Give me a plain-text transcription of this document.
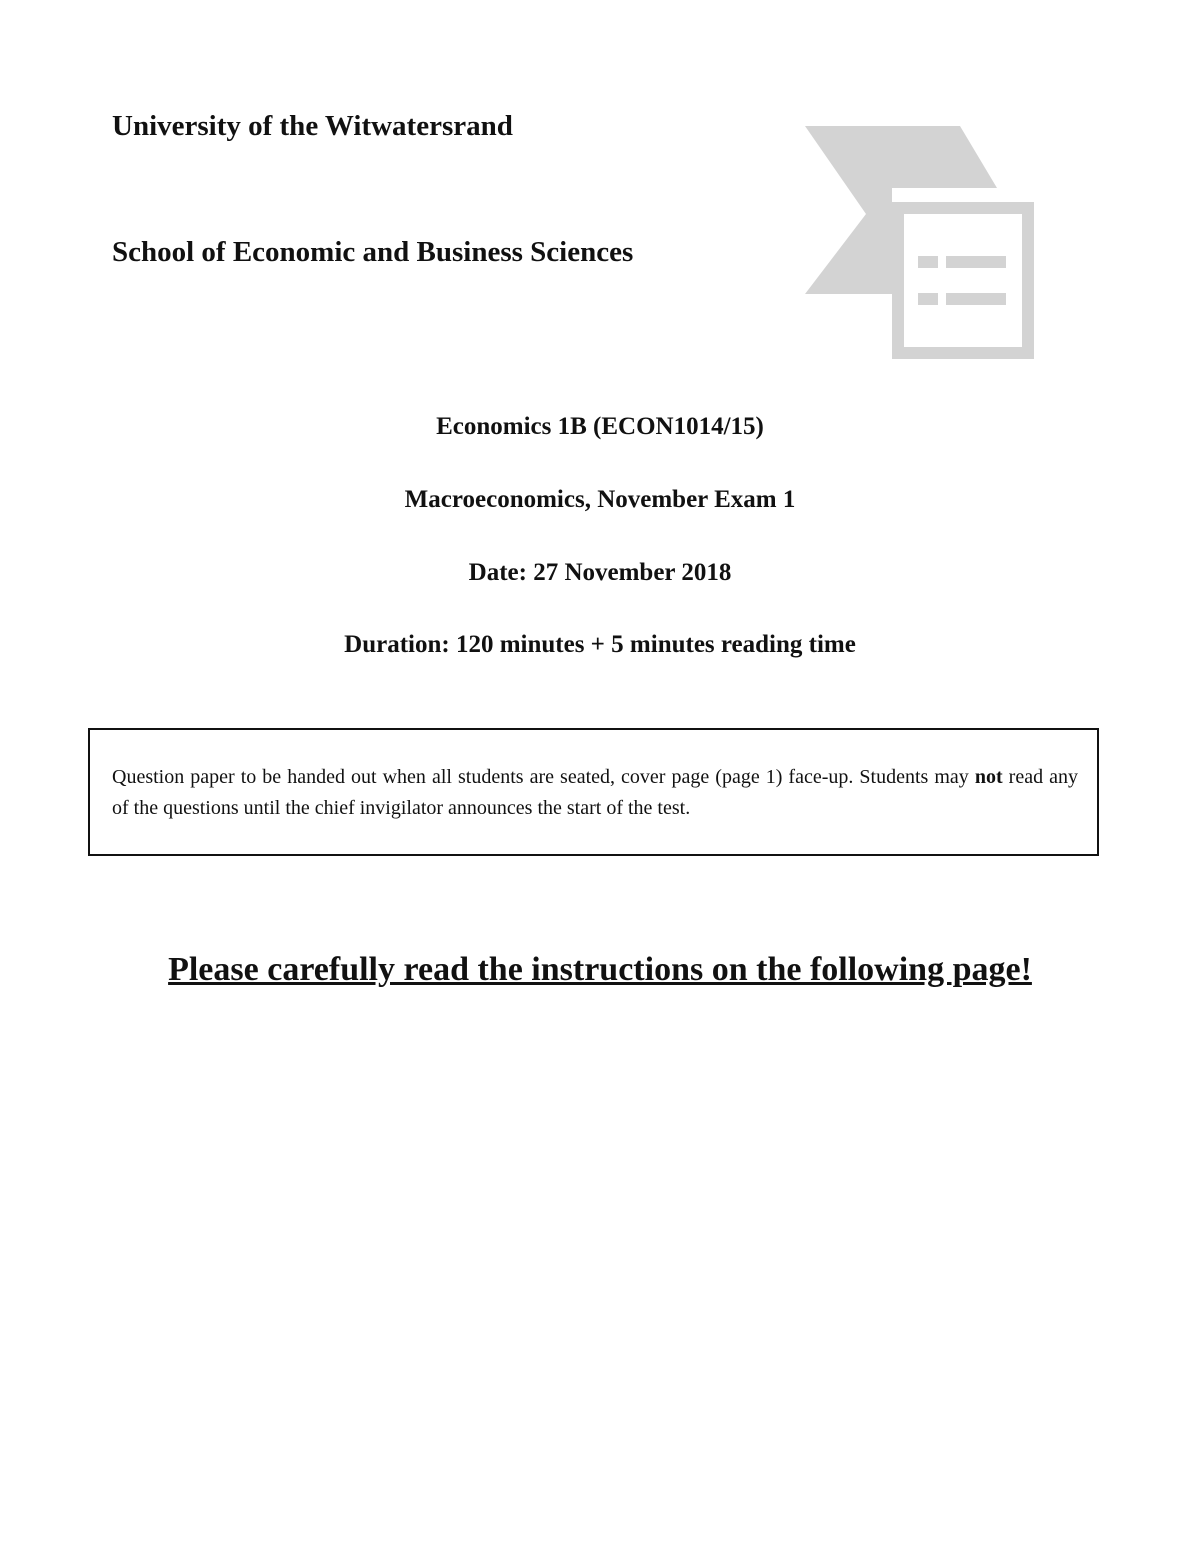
University of the Witwatersrand
School of Economic and Business Sciences
Economics 1B (ECON1014/15)
Macroeconomics, November Exam 1
Date: 27 November 2018
Duration: 120 minutes + 5 minutes reading time

Question paper to be handed out when all students are seated, cover page (page 1) face-up. Students may not read any of the questions until the chief invigilator announces the start of the test.

Please carefully read the instructions on the following page!
